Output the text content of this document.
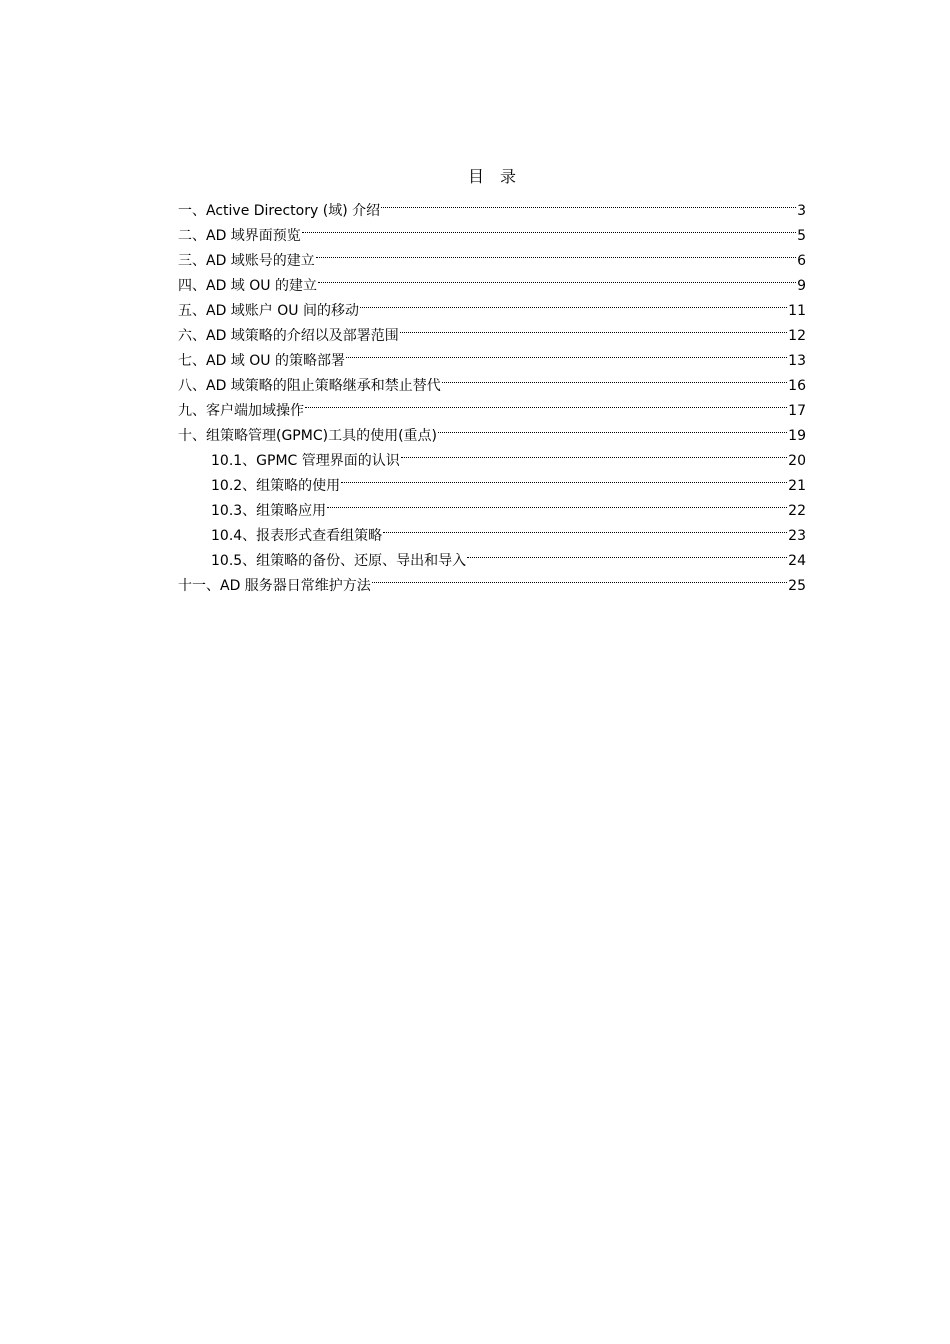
目 录
一、Active Directory (域) 介绍	3
二、AD 域界面预览	5
三、AD 域账号的建立	6
四、AD 域 OU 的建立	9
五、AD 域账户 OU 间的移动	11
六、AD 域策略的介绍以及部署范围	12
七、AD 域 OU 的策略部署	13
八、AD 域策略的阻止策略继承和禁止替代	16
九、客户端加域操作	17
十、组策略管理(GPMC)工具的使用(重点)	19
10.1、GPMC 管理界面的认识	20
10.2、组策略的使用	21
10.3、组策略应用	22
10.4、报表形式查看组策略	23
10.5、组策略的备份、还原、导出和导入	24
十一、AD 服务器日常维护方法	25
